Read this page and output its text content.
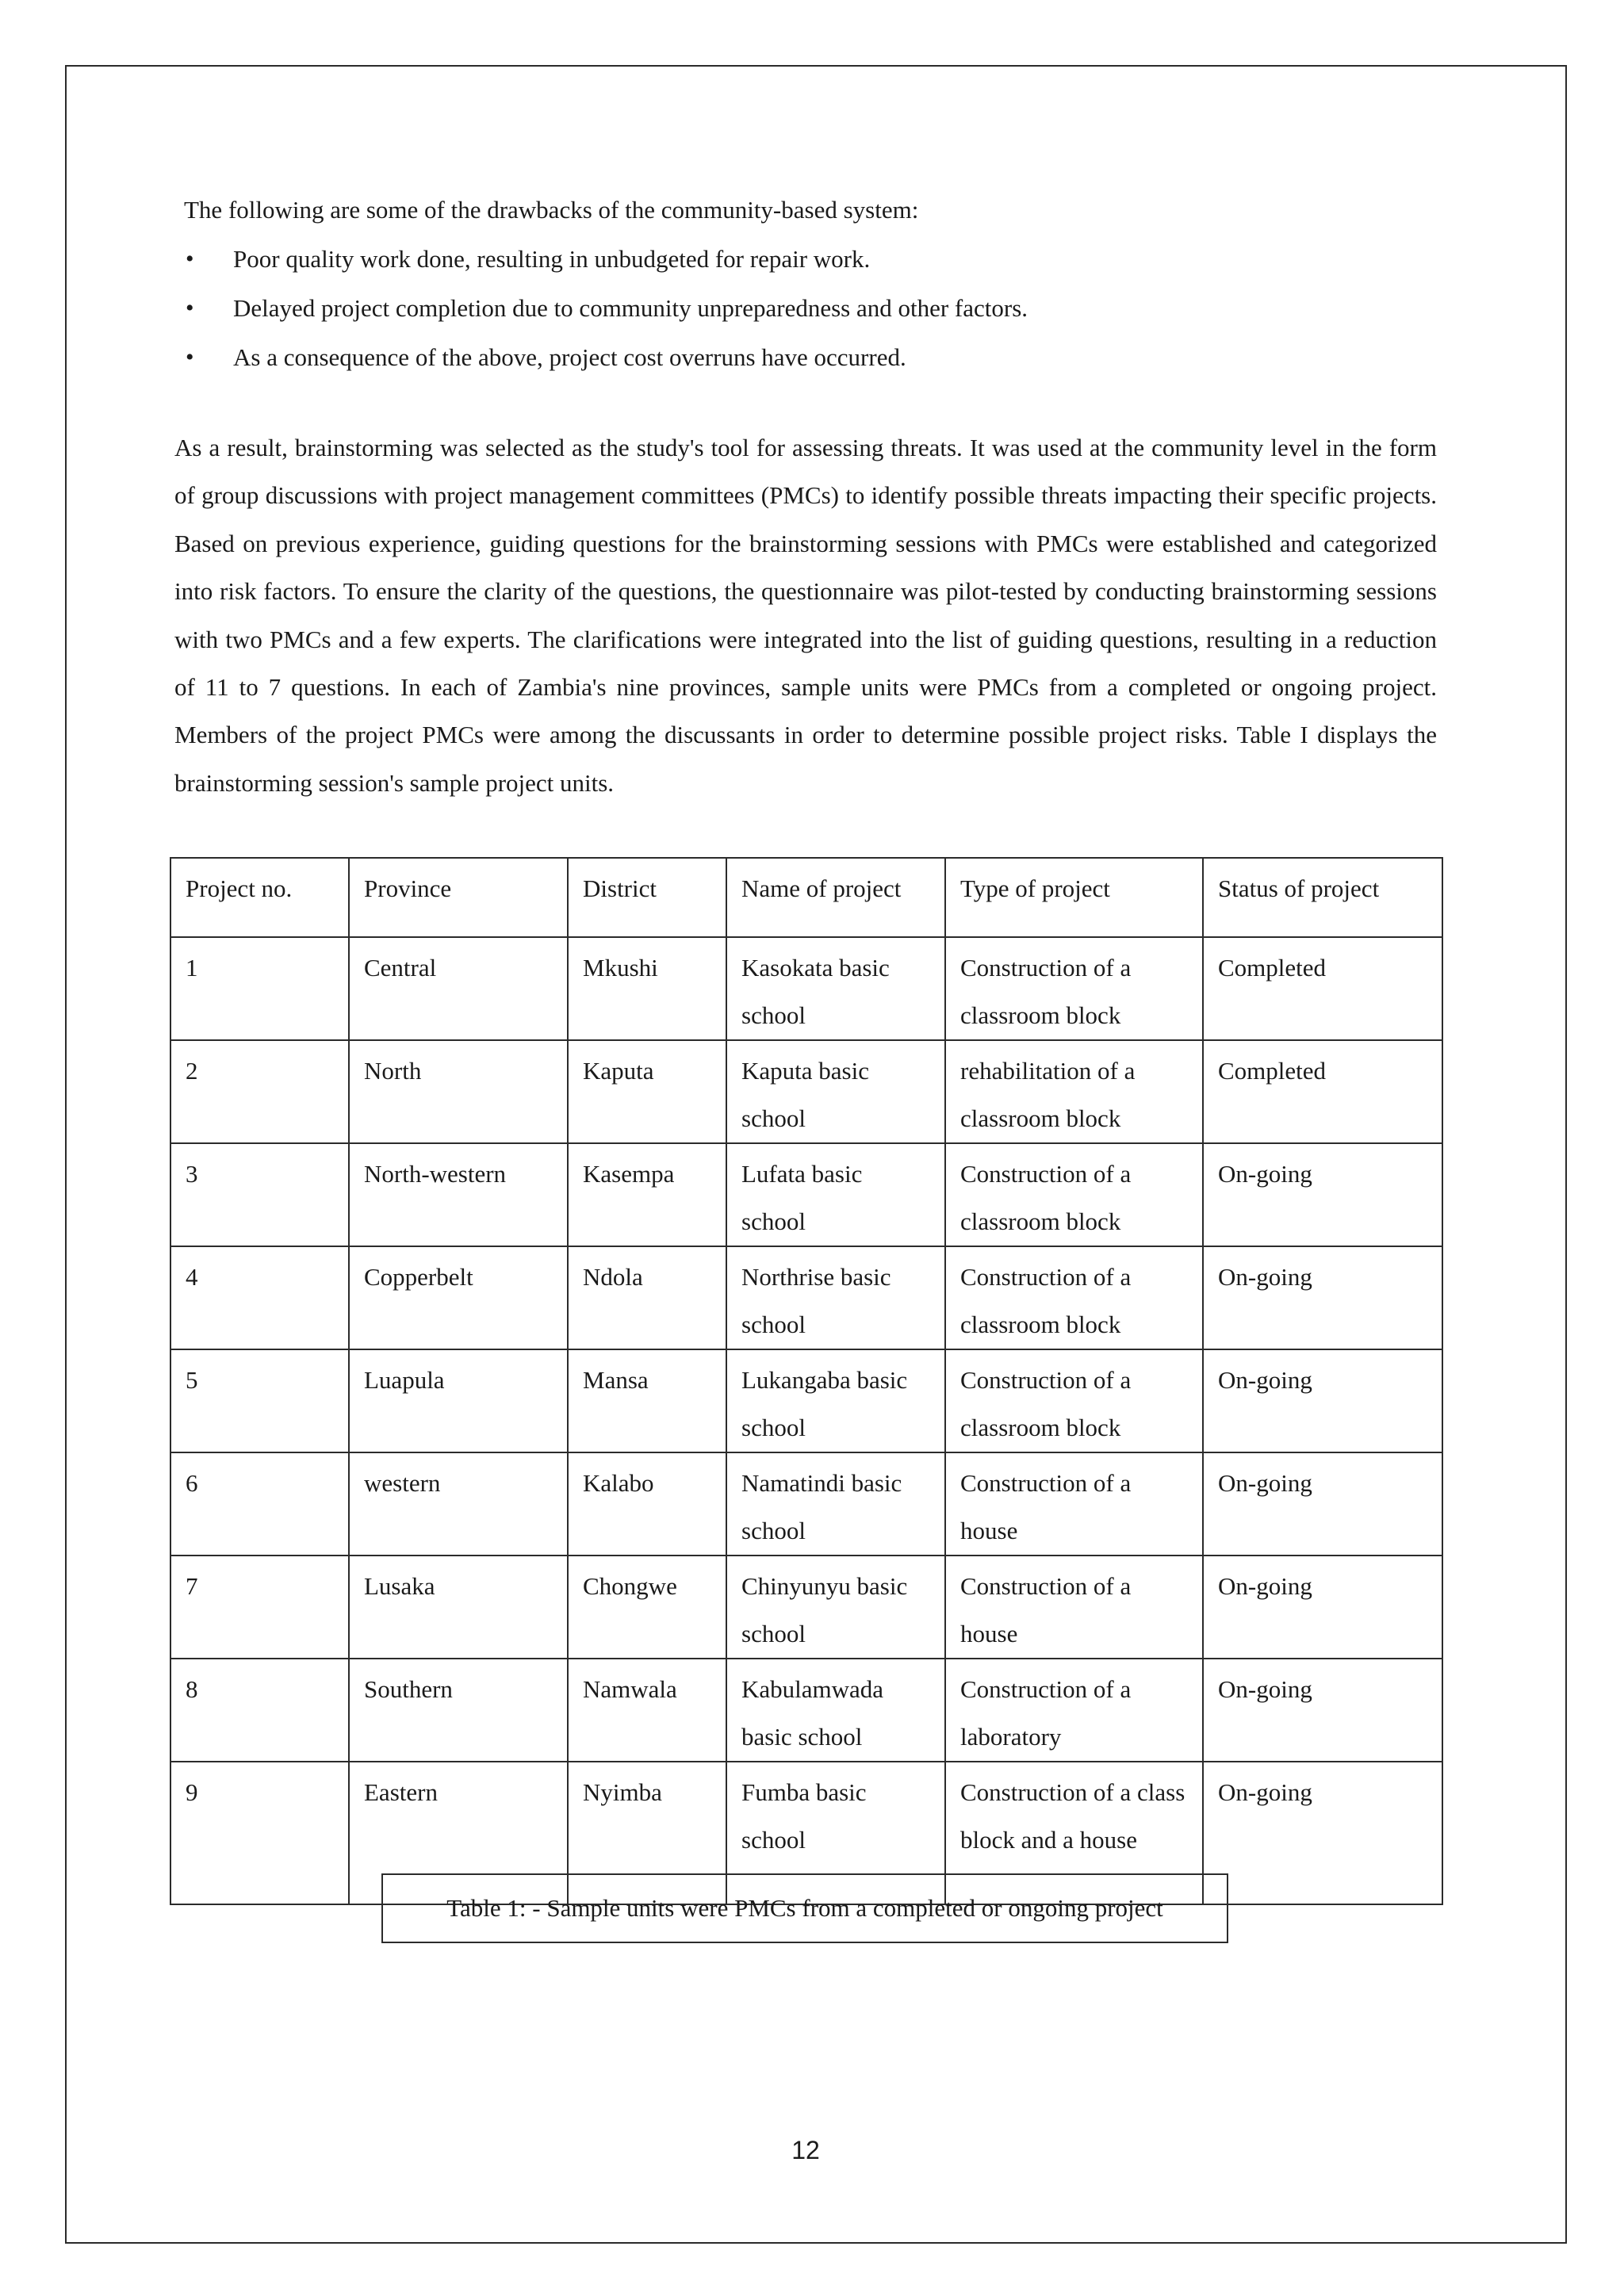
The following are some of the drawbacks of the community-based system:

•	Poor quality work done, resulting in unbudgeted for repair work.
•	Delayed project completion due to community unpreparedness and other factors.
•	As a consequence of the above, project cost overruns have occurred.

As a result, brainstorming was selected as the study's tool for assessing threats. It was used at the community level in the form of group discussions with project management committees (PMCs) to identify possible threats impacting their specific projects. Based on previous experience, guiding questions for the brainstorming sessions with PMCs were established and categorized into risk factors. To ensure the clarity of the questions, the questionnaire was pilot-tested by conducting brainstorming sessions with two PMCs and a few experts. The clarifications were integrated into the list of guiding questions, resulting in a reduction of 11 to 7 questions. In each of Zambia's nine provinces, sample units were PMCs from a completed or ongoing project. Members of the project PMCs were among the discussants in order to determine possible project risks. Table I displays the brainstorming session's sample project units.

Project no.	Province	District	Name of project	Type of project	Status of project
1	Central	Mkushi	Kasokata basic school	Construction of a classroom block	Completed
2	North	Kaputa	Kaputa basic school	rehabilitation of a classroom block	Completed
3	North-western	Kasempa	Lufata basic school	Construction of a classroom block	On-going
4	Copperbelt	Ndola	Northrise basic school	Construction of a classroom block	On-going
5	Luapula	Mansa	Lukangaba basic school	Construction of a classroom block	On-going
6	western	Kalabo	Namatindi basic school	Construction of a house	On-going
7	Lusaka	Chongwe	Chinyunyu basic school	Construction of a house	On-going
8	Southern	Namwala	Kabulamwada basic school	Construction of a laboratory	On-going
9	Eastern	Nyimba	Fumba basic school	Construction of a class block and a house	On-going
Table 1: - Sample units were PMCs from a completed or ongoing project
12
